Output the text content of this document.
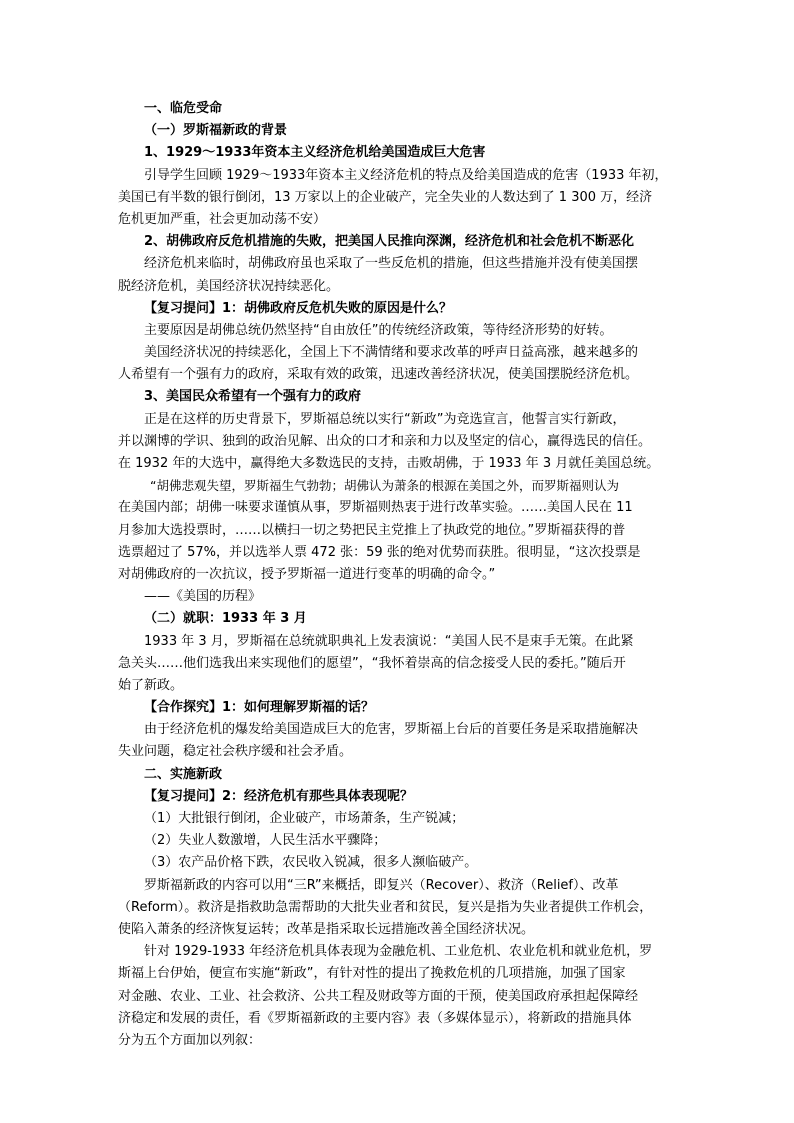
一、临危受命
（一）罗斯福新政的背景
1、1929～1933年资本主义经济危机给美国造成巨大危害
引导学生回顾 1929～1933年资本主义经济危机的特点及给美国造成的危害（1933 年初，
美国已有半数的银行倒闭，13 万家以上的企业破产，完全失业的人数达到了 1 300 万，经济
危机更加严重，社会更加动荡不安）
2、胡佛政府反危机措施的失败，把美国人民推向深渊，经济危机和社会危机不断恶化
经济危机来临时，胡佛政府虽也采取了一些反危机的措施，但这些措施并没有使美国摆
脱经济危机，美国经济状况持续恶化。
【复习提问】1：胡佛政府反危机失败的原因是什么？
主要原因是胡佛总统仍然坚持“自由放任”的传统经济政策，等待经济形势的好转。
美国经济状况的持续恶化，全国上下不满情绪和要求改革的呼声日益高涨，越来越多的
人希望有一个强有力的政府，采取有效的政策，迅速改善经济状况，使美国摆脱经济危机。
3、美国民众希望有一个强有力的政府
正是在这样的历史背景下，罗斯福总统以实行“新政”为竞选宣言，他誓言实行新政，
并以渊博的学识、独到的政治见解、出众的口才和亲和力以及坚定的信心，赢得选民的信任。
在 1932 年的大选中，赢得绝大多数选民的支持，击败胡佛，于 1933 年 3 月就任美国总统。
“胡佛悲观失望，罗斯福生气勃勃；胡佛认为萧条的根源在美国之外，而罗斯福则认为
在美国内部；胡佛一味要求谨慎从事，罗斯福则热衷于进行改革实验。……美国人民在 11
月参加大选投票时，……以横扫一切之势把民主党推上了执政党的地位。”罗斯福获得的普
选票超过了 57%，并以选举人票 472 张：59 张的绝对优势而获胜。很明显，“这次投票是
对胡佛政府的一次抗议，授予罗斯福一道进行变革的明确的命令。”
——《美国的历程》
（二）就职：1933 年 3 月
1933 年 3 月，罗斯福在总统就职典礼上发表演说：“美国人民不是束手无策。在此紧
急关头……他们选我出来实现他们的愿望”，“我怀着崇高的信念接受人民的委托。”随后开
始了新政。
【合作探究】1：如何理解罗斯福的话？
由于经济危机的爆发给美国造成巨大的危害，罗斯福上台后的首要任务是采取措施解决
失业问题，稳定社会秩序缓和社会矛盾。
二、实施新政
【复习提问】2：经济危机有那些具体表现呢？
（1）大批银行倒闭，企业破产，市场萧条，生产锐减；
（2）失业人数激增，人民生活水平骤降；
（3）农产品价格下跌，农民收入锐减，很多人濒临破产。
罗斯福新政的内容可以用“三R”来概括，即复兴（Recover）、救济（Relief）、改革
（Reform）。救济是指救助急需帮助的大批失业者和贫民，复兴是指为失业者提供工作机会，
使陷入萧条的经济恢复运转；改革是指采取长远措施改善全国经济状况。
针对 1929-1933 年经济危机具体表现为金融危机、工业危机、农业危机和就业危机，罗
斯福上台伊始，便宣布实施“新政”，有针对性的提出了挽救危机的几项措施，加强了国家
对金融、农业、工业、社会救济、公共工程及财政等方面的干预，使美国政府承担起保障经
济稳定和发展的责任，看《罗斯福新政的主要内容》表（多媒体显示），将新政的措施具体
分为五个方面加以列叙：
